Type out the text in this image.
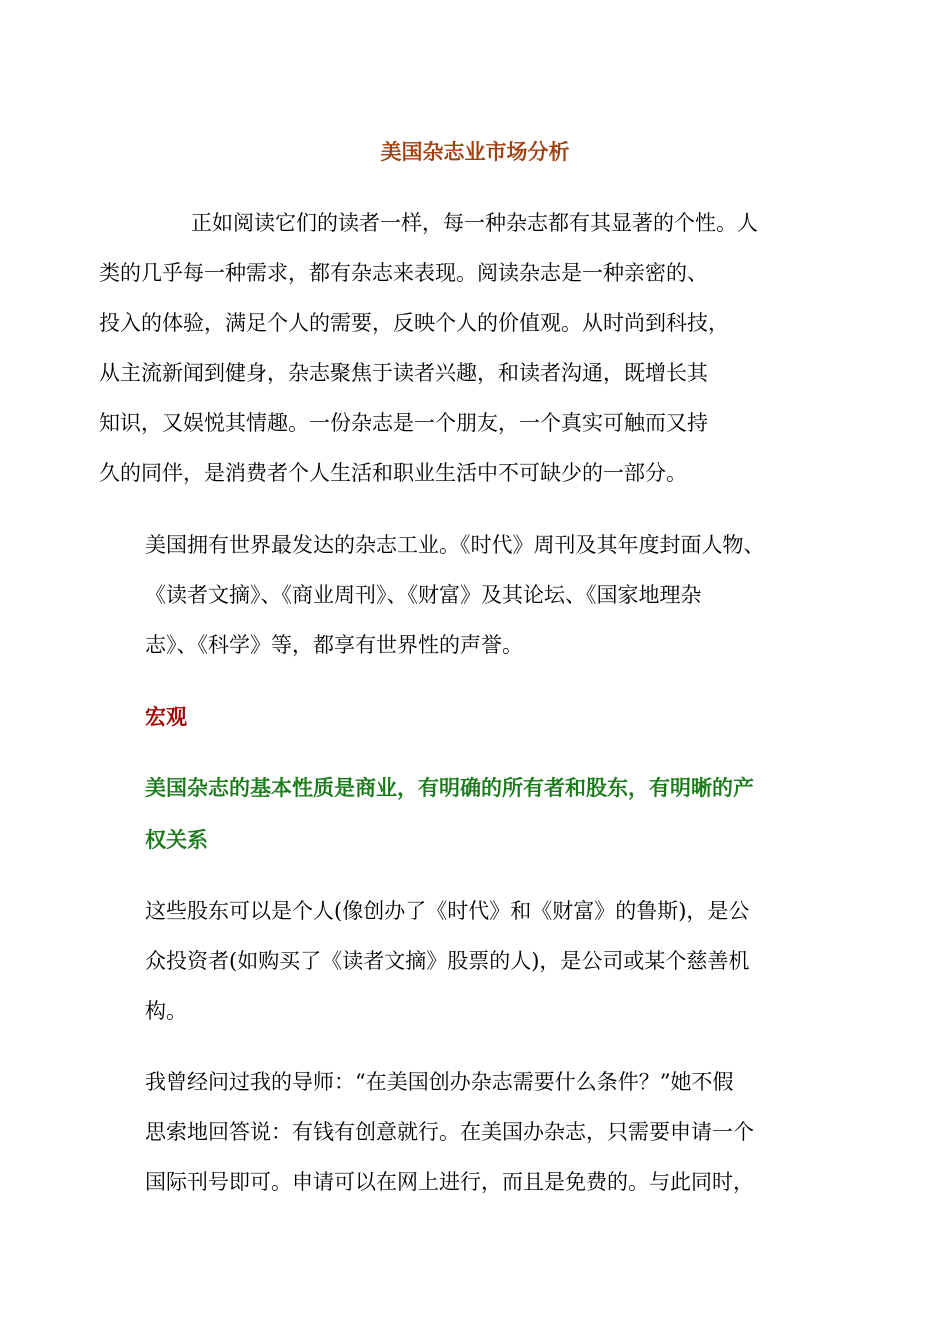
美国杂志业市场分析

正如阅读它们的读者一样，每一种杂志都有其显著的个性。人
类的几乎每一种需求，都有杂志来表现。阅读杂志是一种亲密的、
投入的体验，满足个人的需要，反映个人的价值观。从时尚到科技，
从主流新闻到健身，杂志聚焦于读者兴趣，和读者沟通，既增长其
知识，又娱悦其情趣。一份杂志是一个朋友，一个真实可触而又持
久的同伴，是消费者个人生活和职业生活中不可缺少的一部分。

美国拥有世界最发达的杂志工业。《时代》周刊及其年度封面人物、
《读者文摘》、《商业周刊》、《财富》及其论坛、《国家地理杂
志》、《科学》等，都享有世界性的声誉。

宏观

美国杂志的基本性质是商业，有明确的所有者和股东，有明晰的产
权关系

这些股东可以是个人(像创办了《时代》和《财富》的鲁斯)，是公
众投资者(如购买了《读者文摘》股票的人)，是公司或某个慈善机
构。

我曾经问过我的导师：“在美国创办杂志需要什么条件？”她不假
思索地回答说：有钱有创意就行。在美国办杂志，只需要申请一个
国际刊号即可。申请可以在网上进行，而且是免费的。与此同时，
